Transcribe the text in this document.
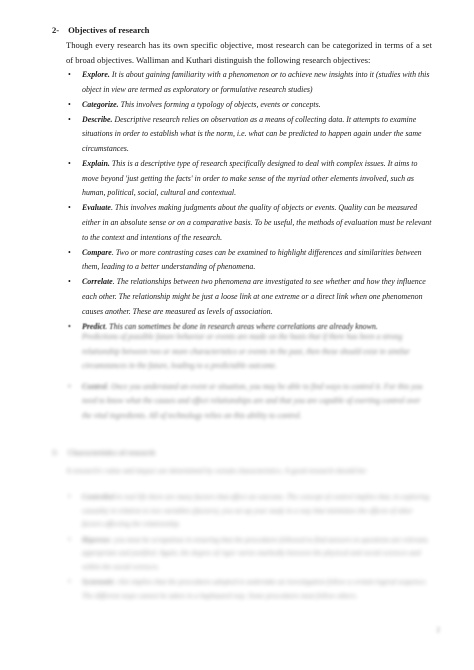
2- Objectives of research
Though every research has its own specific objective, most research can be categorized in terms of a set of broad objectives. Walliman and Kuthari distinguish the following research objectives:
• Explore. It is about gaining familiarity with a phenomenon or to achieve new insights into it (studies with this object in view are termed as exploratory or formulative research studies)
• Categorize. This involves forming a typology of objects, events or concepts.
• Describe. Descriptive research relies on observation as a means of collecting data. It attempts to examine situations in order to establish what is the norm, i.e. what can be predicted to happen again under the same circumstances.
• Explain. This is a descriptive type of research specifically designed to deal with complex issues. It aims to move beyond 'just getting the facts' in order to make sense of the myriad other elements involved, such as human, political, social, cultural and contextual.
• Evaluate. This involves making judgments about the quality of objects or events. Quality can be measured either in an absolute sense or on a comparative basis. To be useful, the methods of evaluation must be relevant to the context and intentions of the research.
• Compare. Two or more contrasting cases can be examined to highlight differences and similarities between them, leading to a better understanding of phenomena.
• Correlate. The relationships between two phenomena are investigated to see whether and how they influence each other. The relationship might be just a loose link at one extreme or a direct link when one phenomenon causes another. These are measured as levels of association.
• Predict. This can sometimes be done in research areas where correlations are already known.
Predictions of possible future behavior or events are made on the basis that if there has been a strong relationship between two or more characteristics or events in the past, then these should exist in similar circumstances in the future, leading to a predictable outcome.
• Control. Once you understand an event or situation, you may be able to find ways to control it. For this you need to know what the causes and effect relationships are and that you are capable of exerting control over the vital ingredients. All of technology relies on this ability to control.
3- Characteristics of research
A research's value and impact are determined by certain characteristics. A good research should be:
• Controlled in real life there are many factors that affect an outcome. The concept of control implies that, in exploring causality in relation to two variables (factors), you set up your study in a way that minimizes the effects of other factors affecting the relationship.
• Rigorous: you must be scrupulous in ensuring that the procedures followed to find answers to questions are relevant, appropriate and justified. Again, the degree of rigor varies markedly between the physical and social sciences and within the social sciences.
• Systematic: this implies that the procedures adopted to undertake an investigation follow a certain logical sequence. The different steps cannot be taken in a haphazard way. Some procedures must follow others.
2
